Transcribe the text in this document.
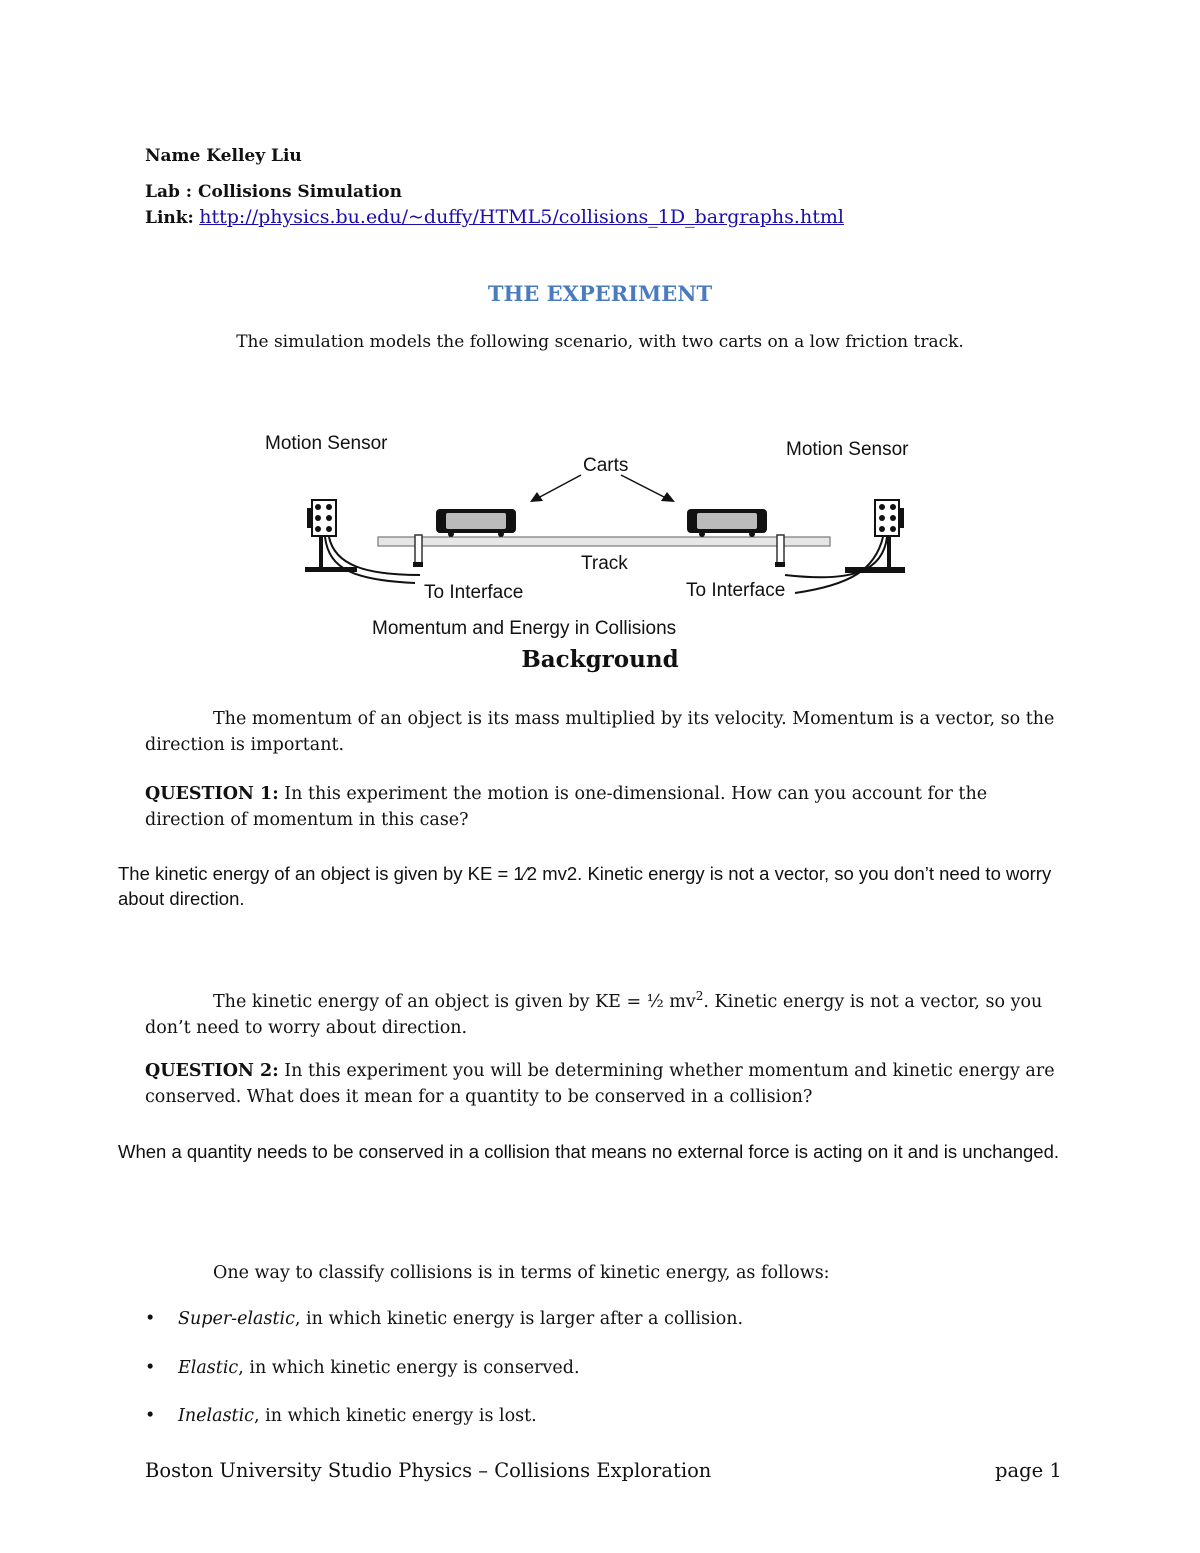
Name Kelley Liu
Lab : Collisions Simulation
Link: http://physics.bu.edu/~duffy/HTML5/collisions_1D_bargraphs.html
THE EXPERIMENT
The simulation models the following scenario, with two carts on a low friction track.
Motion Sensor	Motion Sensor
Carts
Track
To Interface	To Interface
Momentum and Energy in Collisions
Background
The momentum of an object is its mass multiplied by its velocity. Momentum is a vector, so the direction is important.
QUESTION 1: In this experiment the motion is one-dimensional. How can you account for the direction of momentum in this case?
The kinetic energy of an object is given by KE = 1⁄2 mv2. Kinetic energy is not a vector, so you don’t need to worry about direction.
The kinetic energy of an object is given by KE = ½ $mv^2$. Kinetic energy is not a vector, so you don’t need to worry about direction.
QUESTION 2: In this experiment you will be determining whether momentum and kinetic energy are conserved. What does it mean for a quantity to be conserved in a collision?
When a quantity needs to be conserved in a collision that means no external force is acting on it and is unchanged.
One way to classify collisions is in terms of kinetic energy, as follows:
• Super-elastic, in which kinetic energy is larger after a collision.
• Elastic, in which kinetic energy is conserved.
• Inelastic, in which kinetic energy is lost.
Boston University Studio Physics – Collisions Exploration	page 1
